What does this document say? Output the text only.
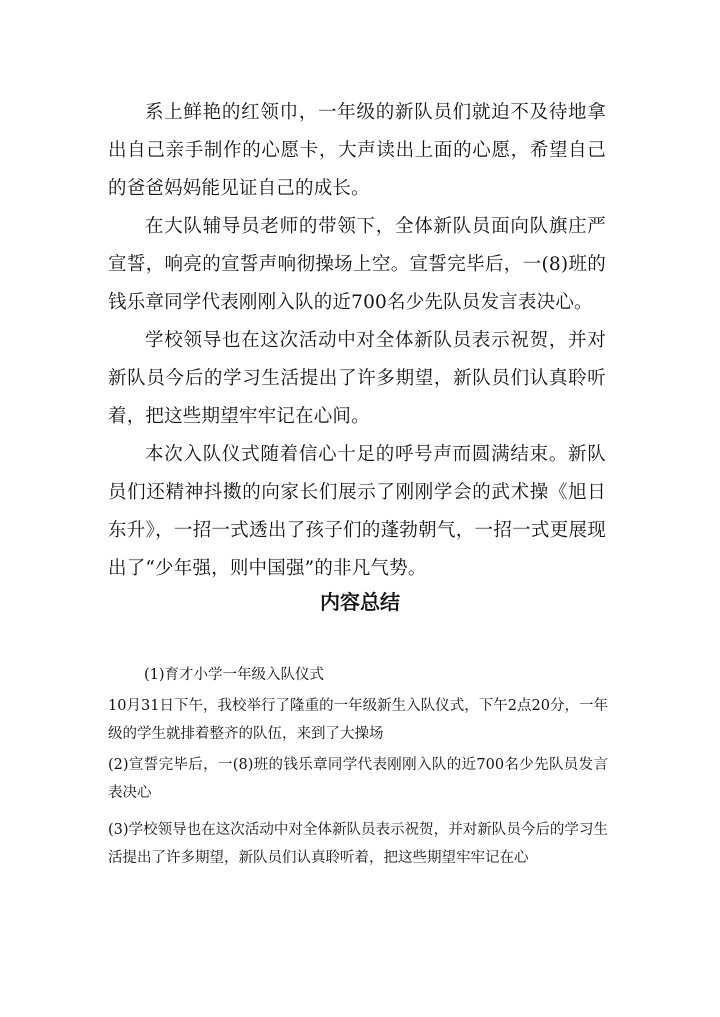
系上鲜艳的红领巾，一年级的新队员们就迫不及待地拿出自己亲手制作的心愿卡，大声读出上面的心愿，希望自己的爸爸妈妈能见证自己的成长。

在大队辅导员老师的带领下，全体新队员面向队旗庄严宣誓，响亮的宣誓声响彻操场上空。宣誓完毕后，一(8)班的钱乐章同学代表刚刚入队的近700名少先队员发言表决心。

学校领导也在这次活动中对全体新队员表示祝贺，并对新队员今后的学习生活提出了许多期望，新队员们认真聆听着，把这些期望牢牢记在心间。

本次入队仪式随着信心十足的呼号声而圆满结束。新队员们还精神抖擞的向家长们展示了刚刚学会的武术操《旭日东升》，一招一式透出了孩子们的蓬勃朝气，一招一式更展现出了“少年强，则中国强”的非凡气势。

内容总结

(1)育才小学一年级入队仪式

10月31日下午，我校举行了隆重的一年级新生入队仪式，下午2点20分，一年级的学生就排着整齐的队伍，来到了大操场

(2)宣誓完毕后，一(8)班的钱乐章同学代表刚刚入队的近700名少先队员发言表决心

(3)学校领导也在这次活动中对全体新队员表示祝贺，并对新队员今后的学习生活提出了许多期望，新队员们认真聆听着，把这些期望牢牢记在心
